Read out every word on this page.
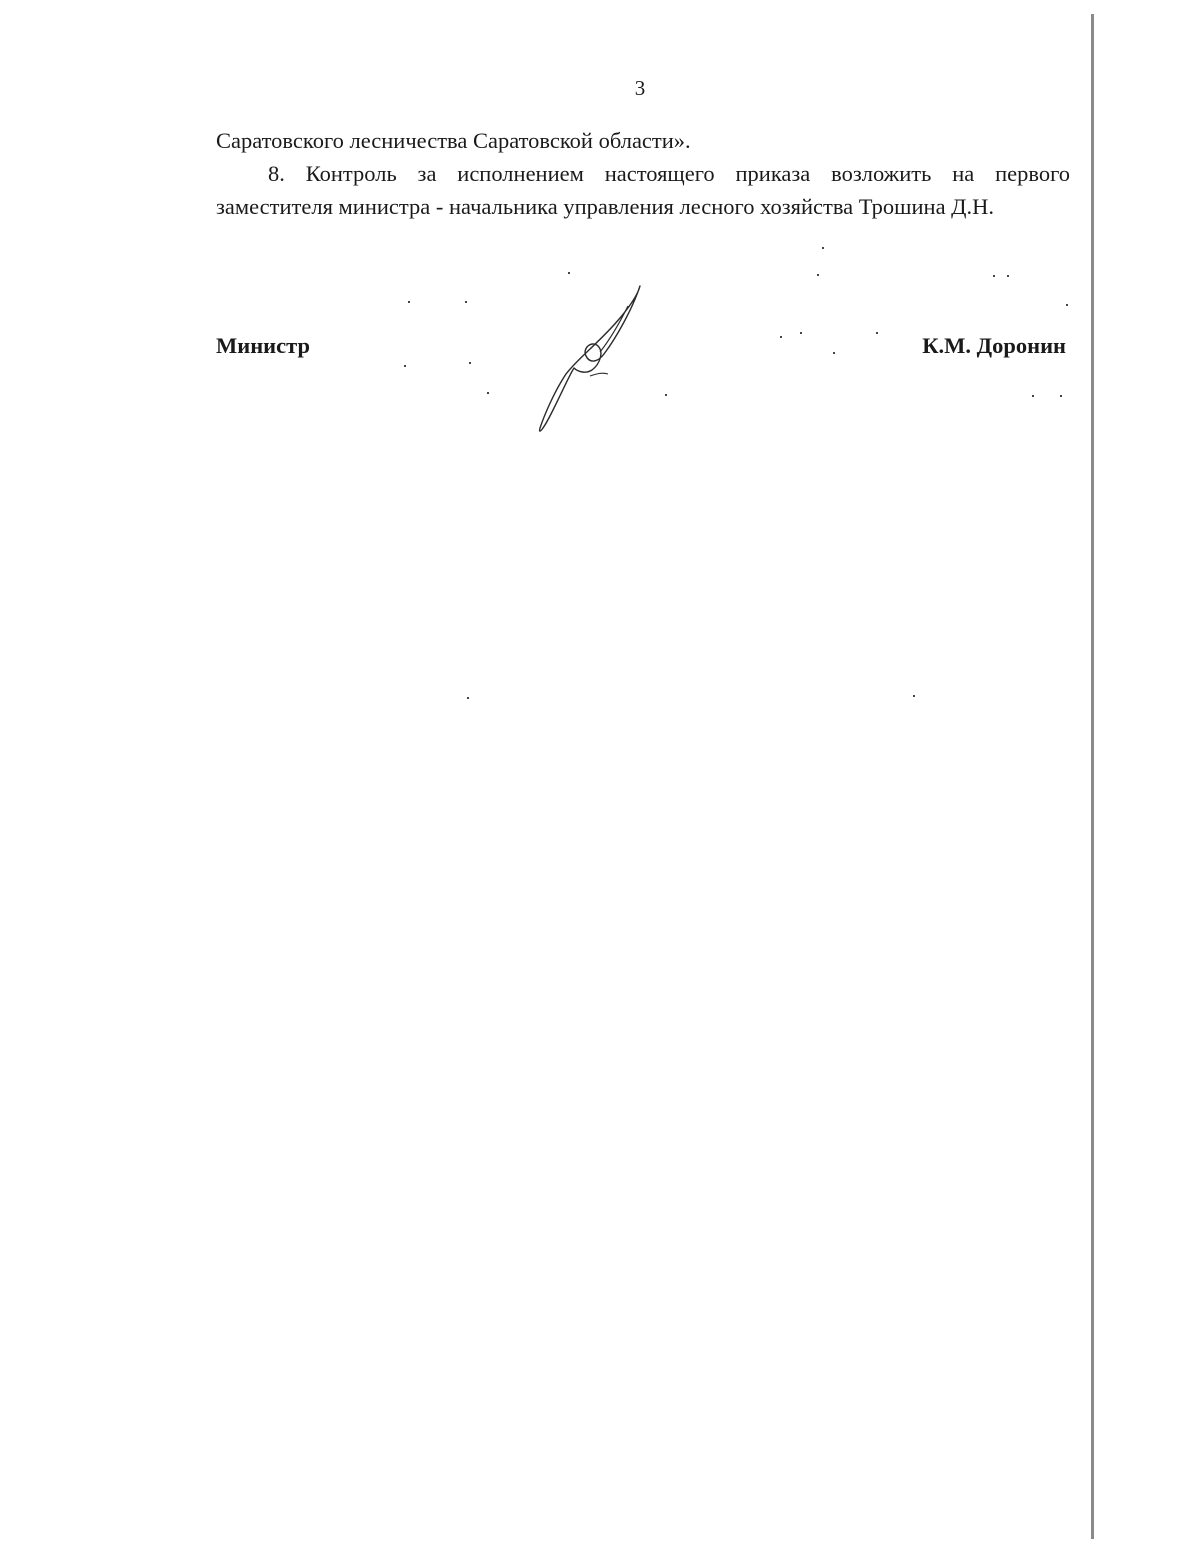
3

Саратовского лесничества Саратовской области».

8. Контроль за исполнением настоящего приказа возложить на первого заместителя министра - начальника управления лесного хозяйства Трошина Д.Н.

Министр	К.М. Доронин
